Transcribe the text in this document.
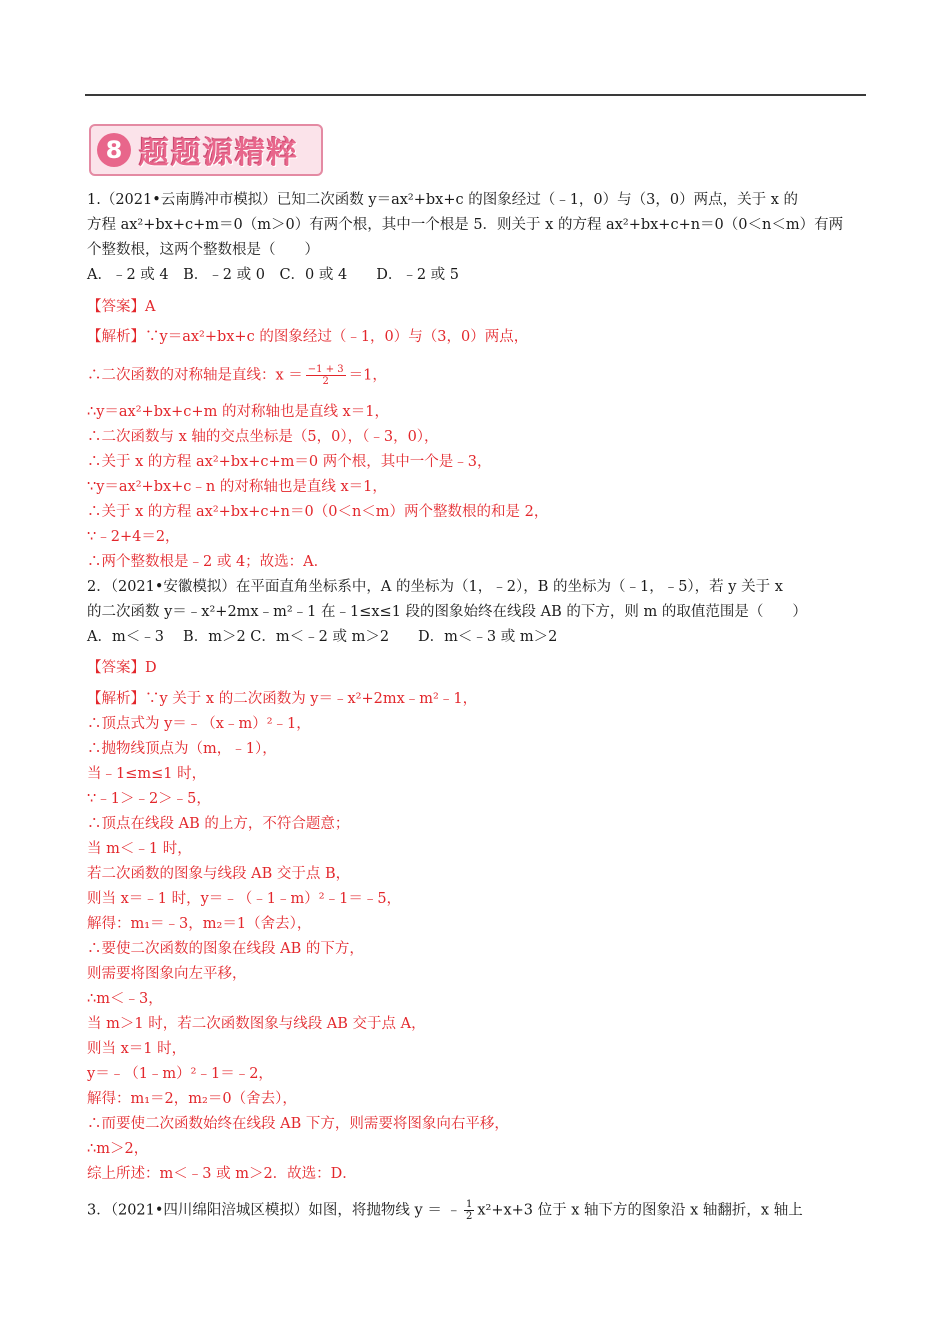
8 题题源精粹
1.（2021•云南腾冲市模拟）已知二次函数 y＝ax²+bx+c 的图象经过（﹣1，0）与（3，0）两点，关于 x 的
方程 ax²+bx+c+m＝0（m＞0）有两个根，其中一个根是 5．则关于 x 的方程 ax²+bx+c+n＝0（0＜n＜m）有两
个整数根，这两个整数根是（　　）
A．﹣2 或 4　B．﹣2 或 0　C．0 或 4　　D．﹣2 或 5
【答案】A
【解析】∵y＝ax²+bx+c 的图象经过（﹣1，0）与（3，0）两点，
∴二次函数的对称轴是直线：$x = \frac{-1 + 3}{2} =1$，
∴y＝ax²+bx+c+m 的对称轴也是直线 x＝1，
∴二次函数与 x 轴的交点坐标是（5，0），（﹣3，0），
∴关于 x 的方程 ax²+bx+c+m＝0 两个根，其中一个是﹣3，
∵y＝ax²+bx+c﹣n 的对称轴也是直线 x＝1，
∴关于 x 的方程 ax²+bx+c+n＝0（0＜n＜m）两个整数根的和是 2，
∵﹣2+4＝2，
∴两个整数根是﹣2 或 4；故选：A．
2．（2021•安徽模拟）在平面直角坐标系中，A 的坐标为（1，﹣2），B 的坐标为（﹣1，﹣5），若 y 关于 x
的二次函数 y＝﹣x²+2mx﹣m²﹣1 在﹣1≤x≤1 段的图象始终在线段 AB 的下方，则 m 的取值范围是（　　）
A．m＜﹣3　 B．m＞2 C．m＜﹣2 或 m＞2　　D．m＜﹣3 或 m＞2
【答案】D
【解析】∵y 关于 x 的二次函数为 y＝﹣x²+2mx﹣m²﹣1，
∴顶点式为 y＝﹣（x﹣m）²﹣1，
∴抛物线顶点为（m，﹣1），
当﹣1≤m≤1 时，
∵﹣1＞﹣2＞﹣5，
∴顶点在线段 AB 的上方，不符合题意；
当 m＜﹣1 时，
若二次函数的图象与线段 AB 交于点 B，
则当 x＝﹣1 时，y＝﹣（﹣1﹣m）²﹣1＝﹣5，
解得：m₁＝﹣3，m₂＝1（舍去），
∴要使二次函数的图象在线段 AB 的下方，
则需要将图象向左平移，
∴m＜﹣3，
当 m＞1 时，若二次函数图象与线段 AB 交于点 A，
则当 x＝1 时，
y＝﹣（1﹣m）²﹣1＝﹣2，
解得：m₁＝2，m₂＝0（舍去），
∴而要使二次函数始终在线段 AB 下方，则需要将图象向右平移，
∴m＞2，
综上所述：m＜﹣3 或 m＞2．故选：D．
3．（2021•四川绵阳涪城区模拟）如图，将抛物线 y ＝ ﹣ $\frac{1}{2} x^2+x+3$ 位于 x 轴下方的图象沿 x 轴翻折，x 轴上
